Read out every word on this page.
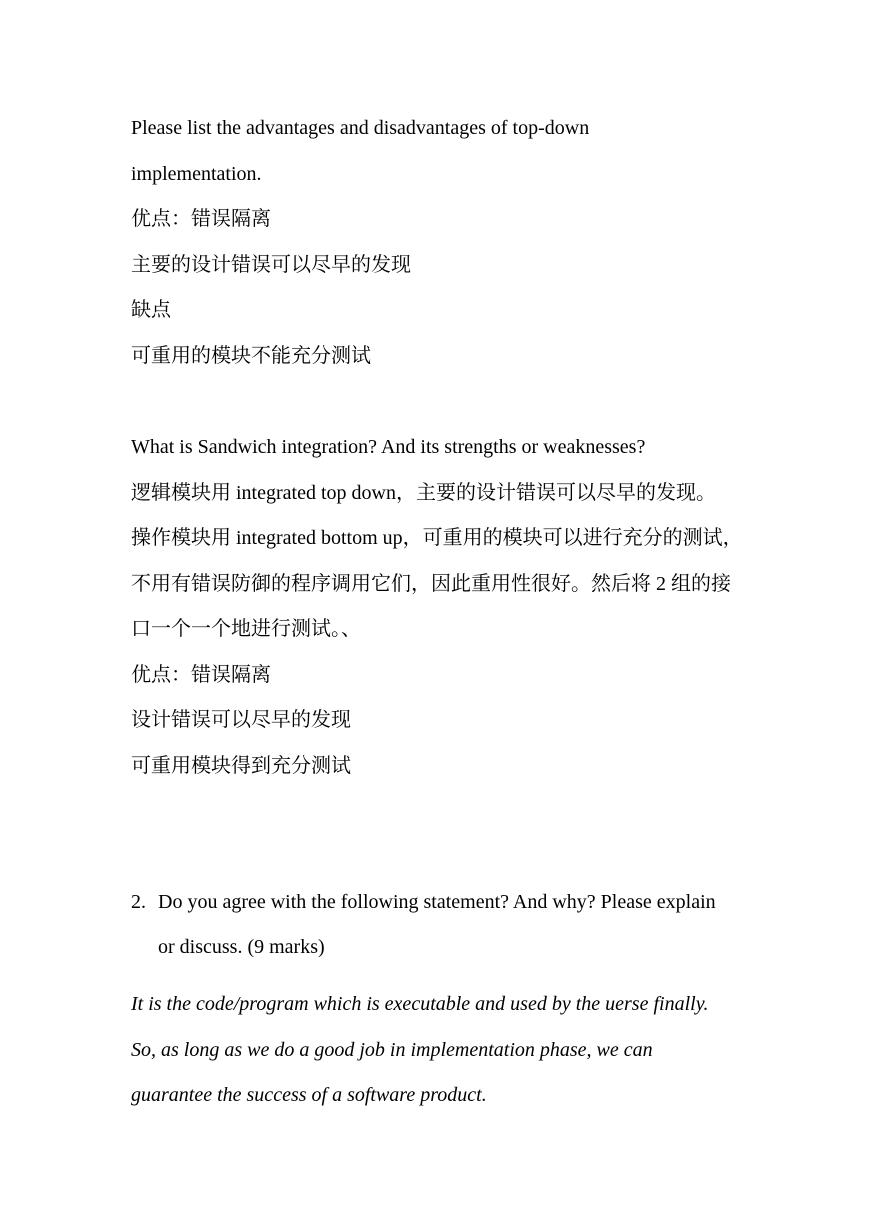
Please list the advantages and disadvantages of top-down
implementation.
优点：错误隔离
主要的设计错误可以尽早的发现
缺点
可重用的模块不能充分测试
What is Sandwich integration? And its strengths or weaknesses?
逻辑模块用 integrated top down，主要的设计错误可以尽早的发现。
操作模块用 integrated bottom up，可重用的模块可以进行充分的测试，
不用有错误防御的程序调用它们，因此重用性很好。然后将 2 组的接
口一个一个地进行测试。、
优点：错误隔离
设计错误可以尽早的发现
可重用模块得到充分测试
2. Do you agree with the following statement? And why? Please explain
or discuss. (9 marks)
It is the code/program which is executable and used by the uerse finally.
So, as long as we do a good job in implementation phase, we can
guarantee the success of a software product.
